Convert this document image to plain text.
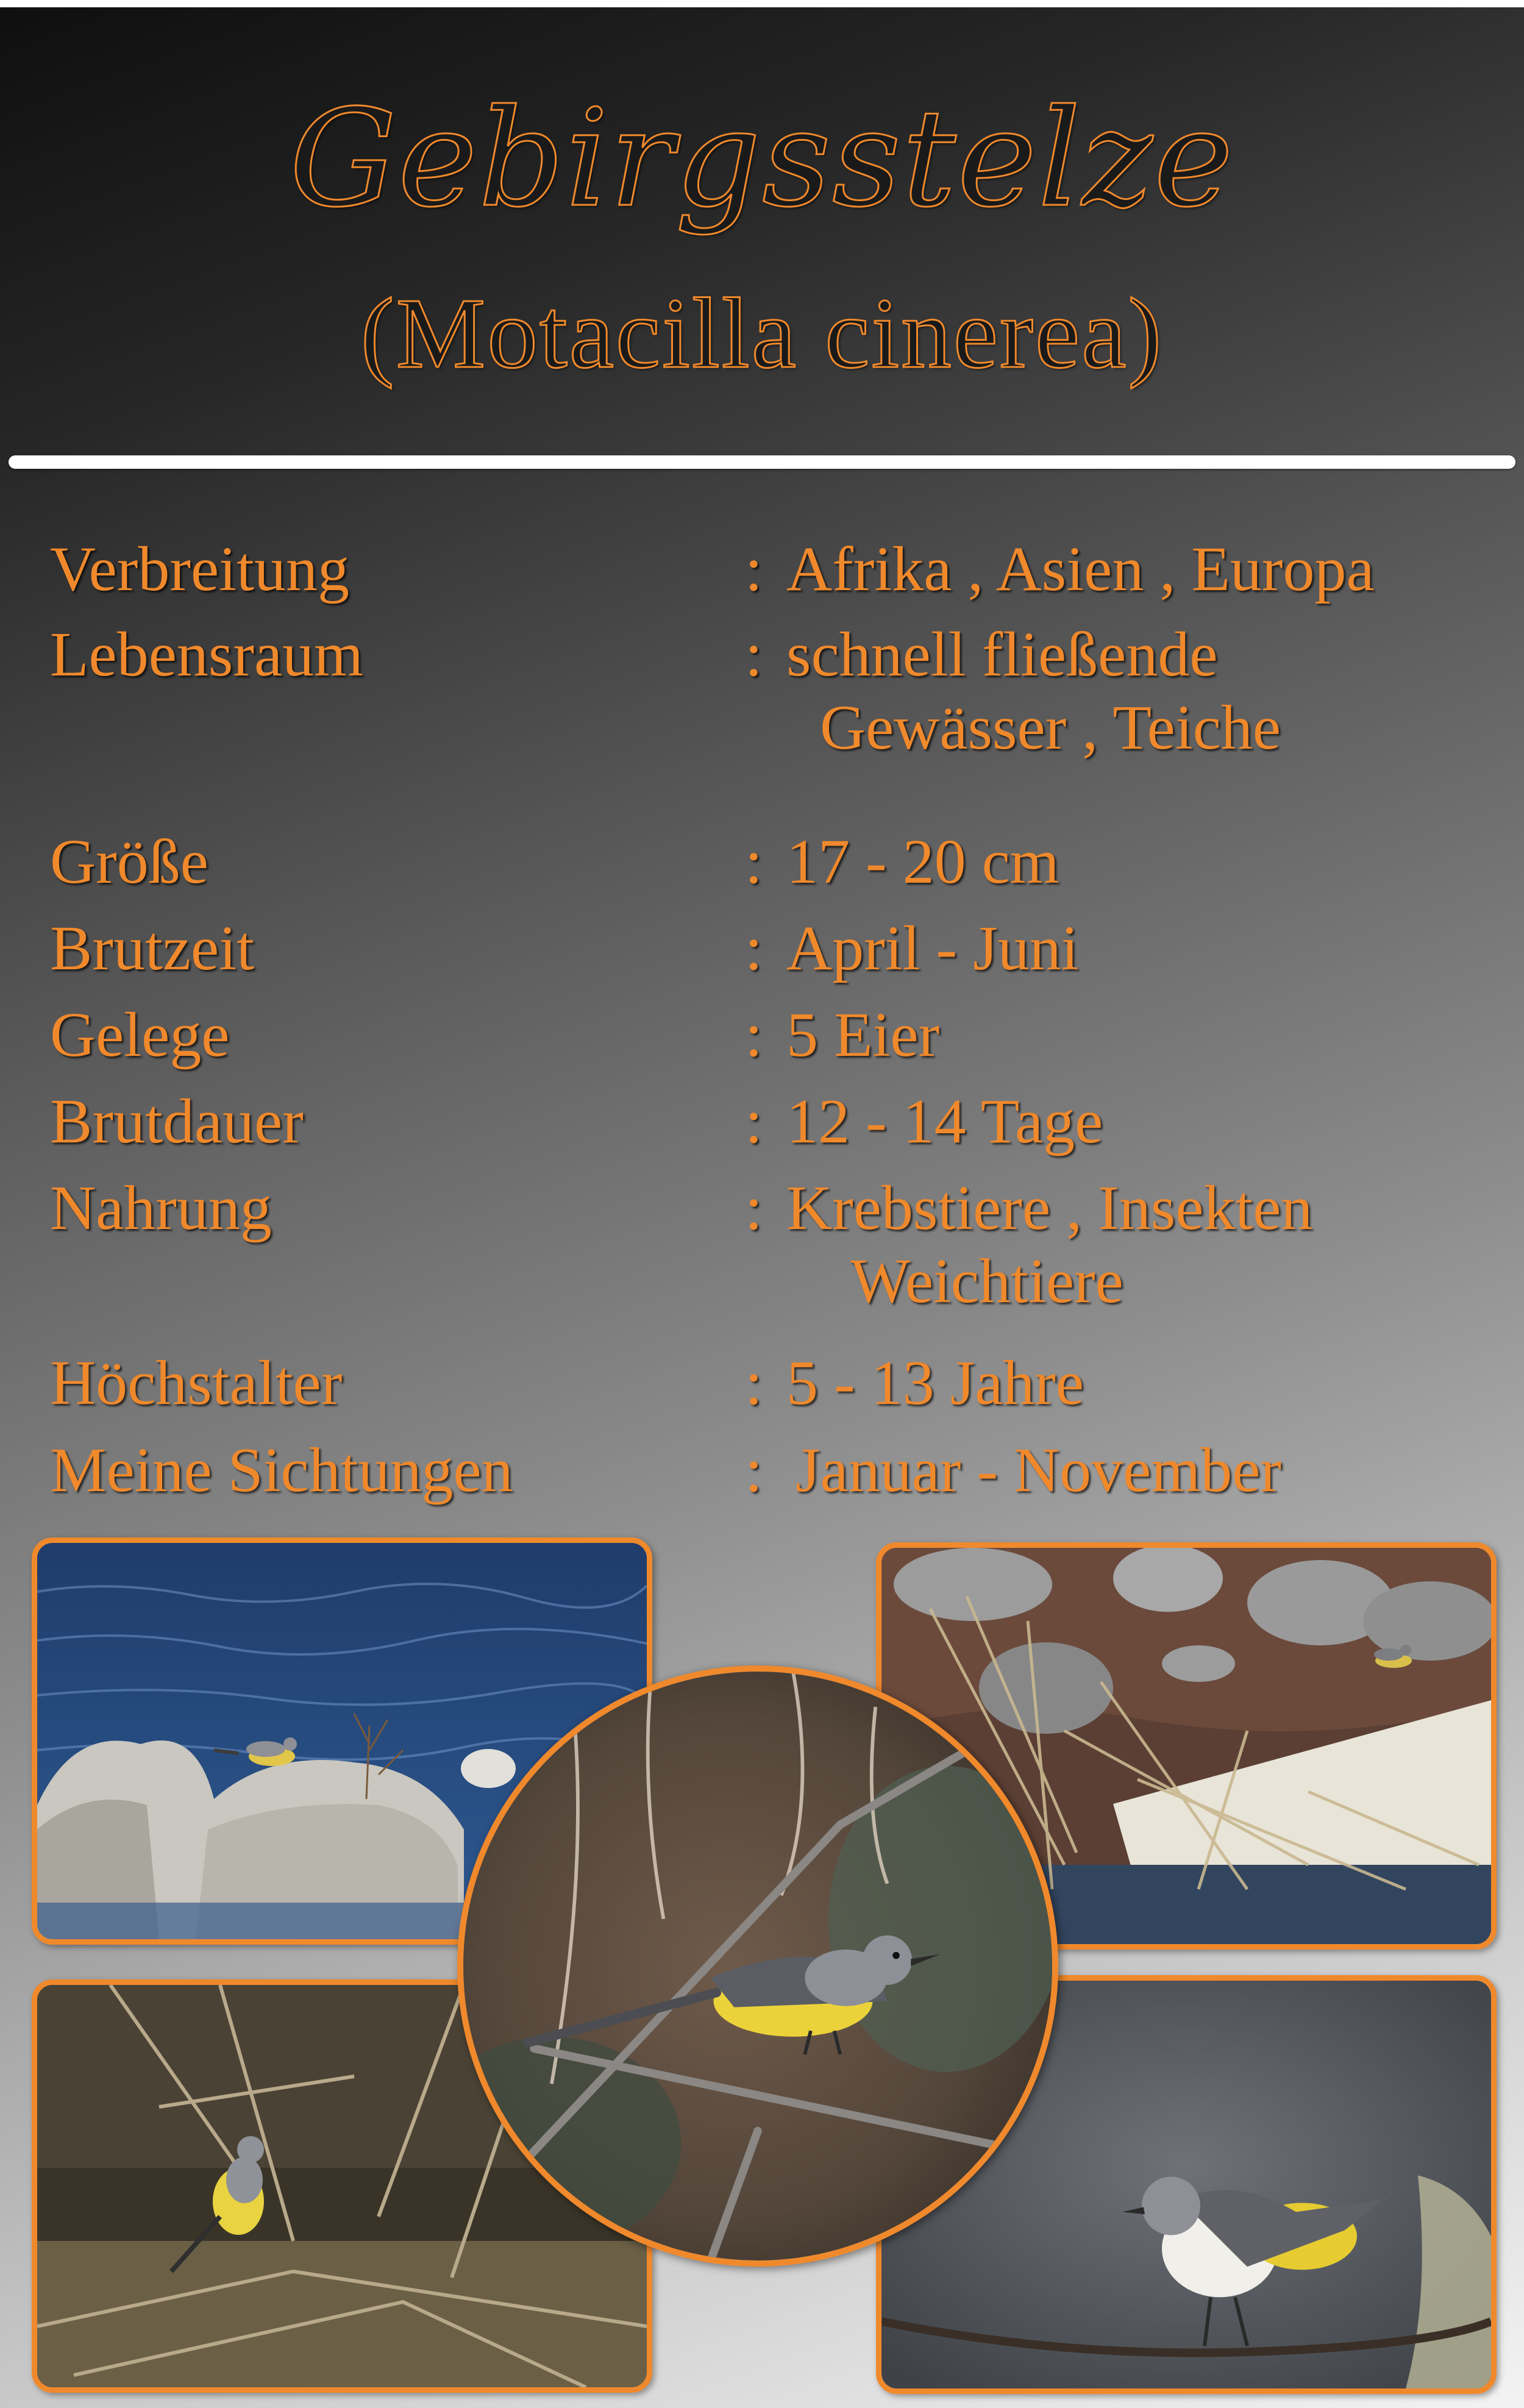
Gebirgsstelze
(Motacilla cinerea)
Verbreitung	: Afrika , Asien , Europa
Lebensraum	: schnell fließende
Gewässer , Teiche
Größe	: 17 - 20 cm
Brutzeit	: April - Juni
Gelege	: 5 Eier
Brutdauer	: 12 - 14 Tage
Nahrung	: Krebstiere , Insekten
Weichtiere
Höchstalter	: 5 - 13 Jahre
Meine Sichtungen	: Januar - November
